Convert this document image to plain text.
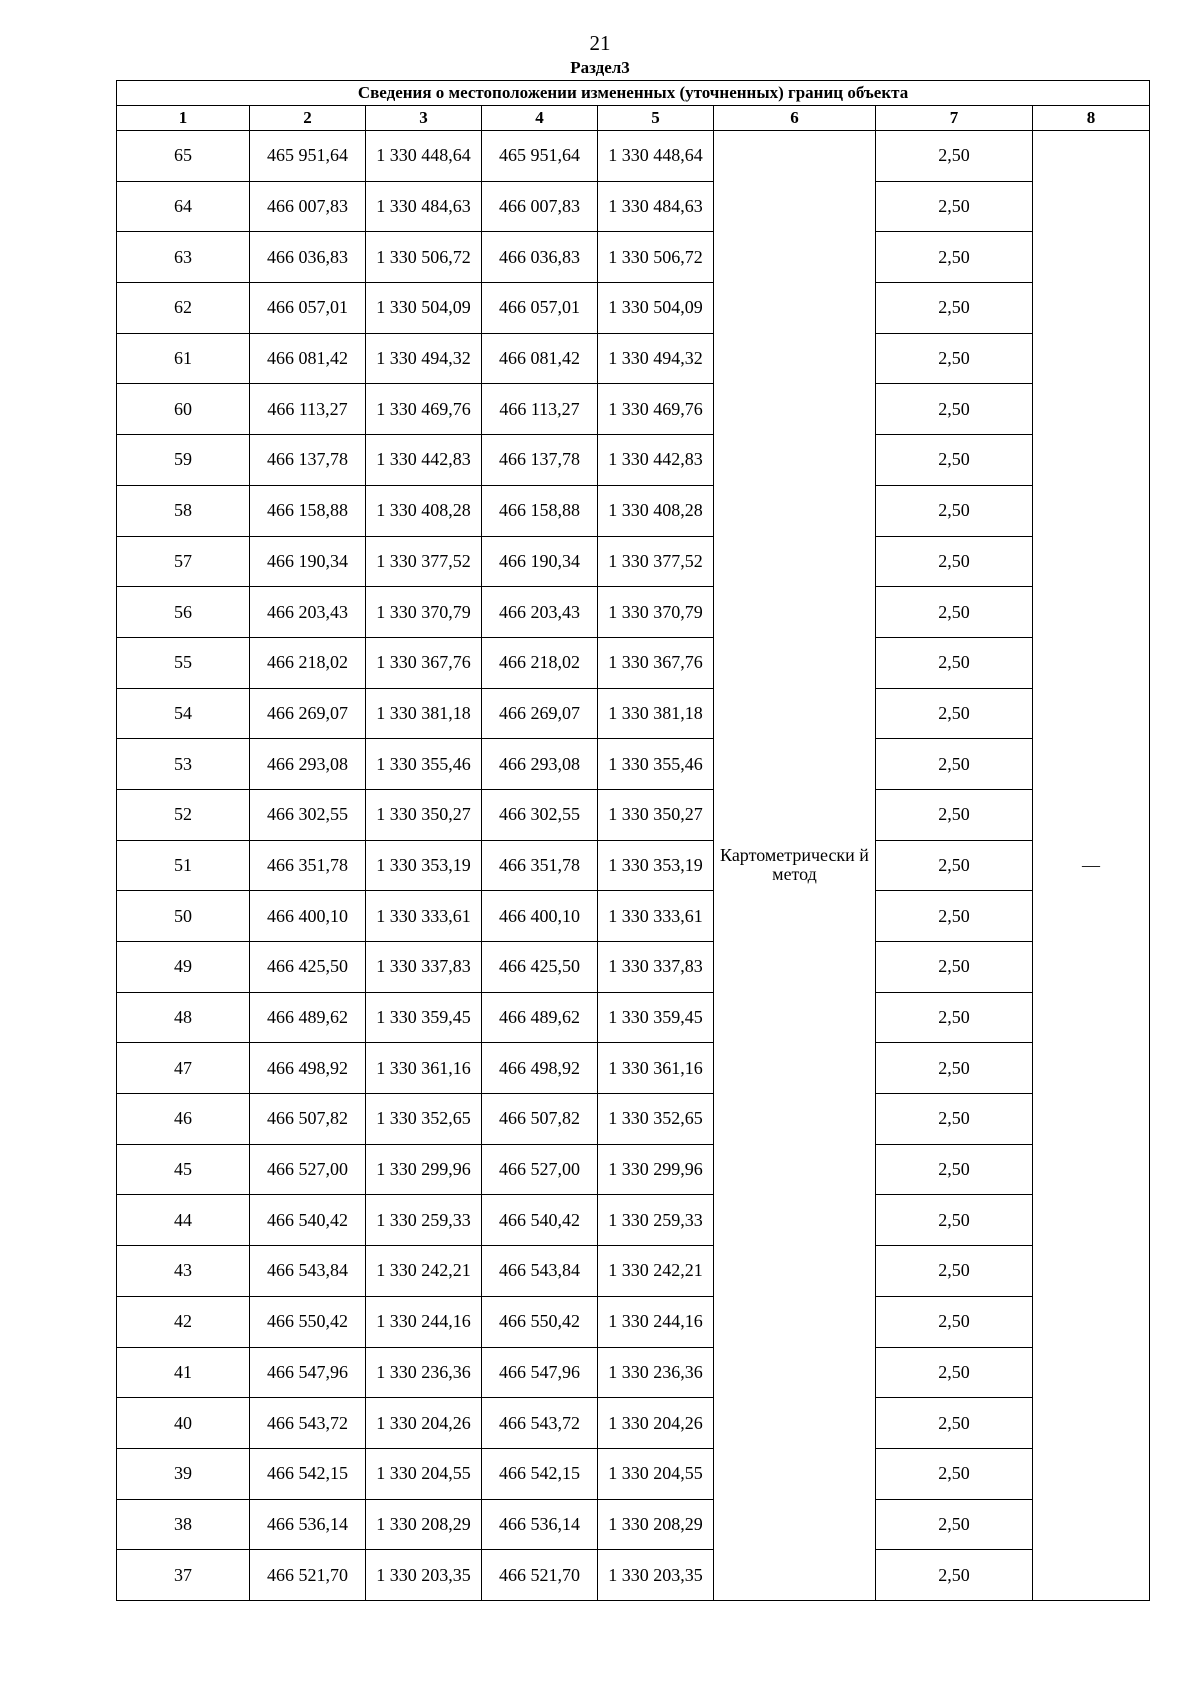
21
Раздел3
Сведения о местоположении измененных (уточненных) границ объекта							
1	2	3	4	5	6	7	8
65	465 951,64	1 330 448,64	465 951,64	1 330 448,64	Картометрически й метод	2,50	—
64	466 007,83	1 330 484,63	466 007,83	1 330 484,63		2,50	
63	466 036,83	1 330 506,72	466 036,83	1 330 506,72		2,50	
62	466 057,01	1 330 504,09	466 057,01	1 330 504,09		2,50	
61	466 081,42	1 330 494,32	466 081,42	1 330 494,32		2,50	
60	466 113,27	1 330 469,76	466 113,27	1 330 469,76		2,50	
59	466 137,78	1 330 442,83	466 137,78	1 330 442,83		2,50	
58	466 158,88	1 330 408,28	466 158,88	1 330 408,28		2,50	
57	466 190,34	1 330 377,52	466 190,34	1 330 377,52		2,50	
56	466 203,43	1 330 370,79	466 203,43	1 330 370,79		2,50	
55	466 218,02	1 330 367,76	466 218,02	1 330 367,76		2,50	
54	466 269,07	1 330 381,18	466 269,07	1 330 381,18		2,50	
53	466 293,08	1 330 355,46	466 293,08	1 330 355,46		2,50	
52	466 302,55	1 330 350,27	466 302,55	1 330 350,27		2,50	
51	466 351,78	1 330 353,19	466 351,78	1 330 353,19		2,50	
50	466 400,10	1 330 333,61	466 400,10	1 330 333,61		2,50	
49	466 425,50	1 330 337,83	466 425,50	1 330 337,83		2,50	
48	466 489,62	1 330 359,45	466 489,62	1 330 359,45		2,50	
47	466 498,92	1 330 361,16	466 498,92	1 330 361,16		2,50	
46	466 507,82	1 330 352,65	466 507,82	1 330 352,65		2,50	
45	466 527,00	1 330 299,96	466 527,00	1 330 299,96		2,50	
44	466 540,42	1 330 259,33	466 540,42	1 330 259,33		2,50	
43	466 543,84	1 330 242,21	466 543,84	1 330 242,21		2,50	
42	466 550,42	1 330 244,16	466 550,42	1 330 244,16		2,50	
41	466 547,96	1 330 236,36	466 547,96	1 330 236,36		2,50	
40	466 543,72	1 330 204,26	466 543,72	1 330 204,26		2,50	
39	466 542,15	1 330 204,55	466 542,15	1 330 204,55		2,50	
38	466 536,14	1 330 208,29	466 536,14	1 330 208,29		2,50	
37	466 521,70	1 330 203,35	466 521,70	1 330 203,35		2,50	
